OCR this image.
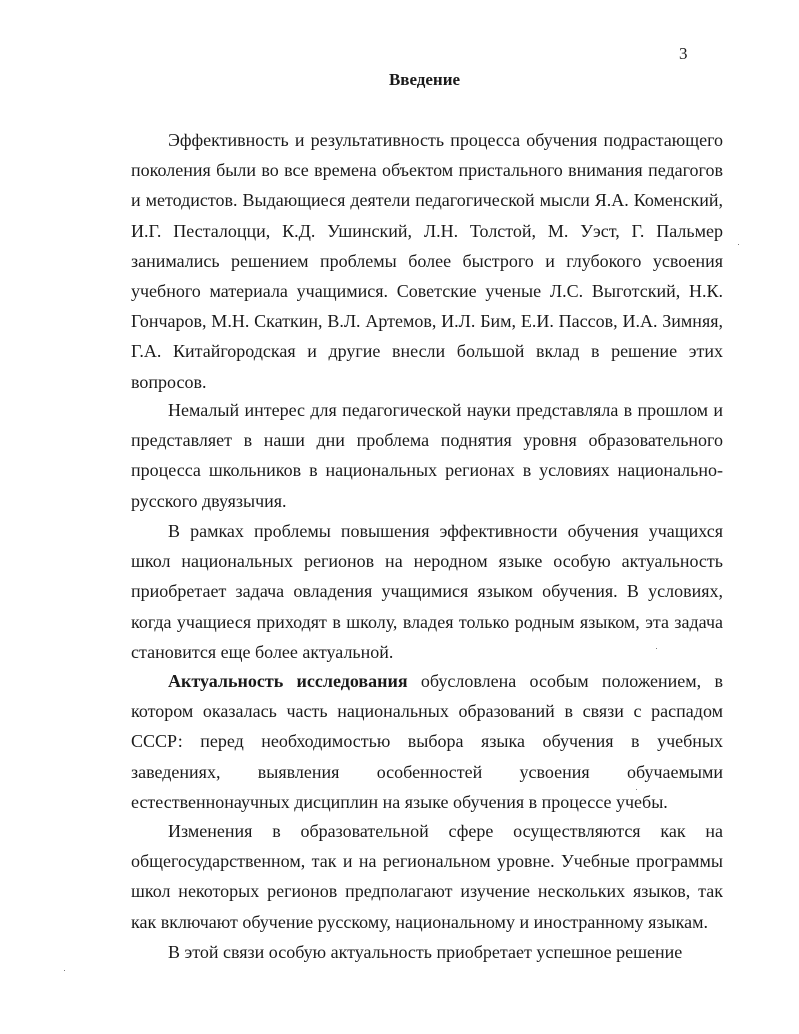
3
Введение

Эффективность и результативность процесса обучения подрастающего поколения были во все времена объектом пристального внимания педагогов и методистов. Выдающиеся деятели педагогической мысли Я.А. Коменский, И.Г. Песталоцци, К.Д. Ушинский, Л.Н. Толстой, М. Уэст, Г. Пальмер занимались решением проблемы более быстрого и глубокого усвоения учебного материала учащимися. Советские ученые Л.С. Выготский, Н.К. Гончаров, М.Н. Скаткин, В.Л. Артемов, И.Л. Бим, Е.И. Пассов, И.А. Зимняя, Г.А. Китайгородская и другие внесли большой вклад в решение этих вопросов.

Немалый интерес для педагогической науки представляла в прошлом и представляет в наши дни проблема поднятия уровня образовательного процесса школьников в национальных регионах в условиях национально-русского двуязычия.

В рамках проблемы повышения эффективности обучения учащихся школ национальных регионов на неродном языке особую актуальность приобретает задача овладения учащимися языком обучения. В условиях, когда учащиеся приходят в школу, владея только родным языком, эта задача становится еще более актуальной.

Актуальность исследования обусловлена особым положением, в котором оказалась часть национальных образований в связи с распадом СССР: перед необходимостью выбора языка обучения в учебных заведениях, выявления особенностей усвоения обучаемыми естественнонаучных дисциплин на языке обучения в процессе учебы.

Изменения в образовательной сфере осуществляются как на общегосударственном, так и на региональном уровне. Учебные программы школ некоторых регионов предполагают изучение нескольких языков, так как включают обучение русскому, национальному и иностранному языкам.

В этой связи особую актуальность приобретает успешное решение
